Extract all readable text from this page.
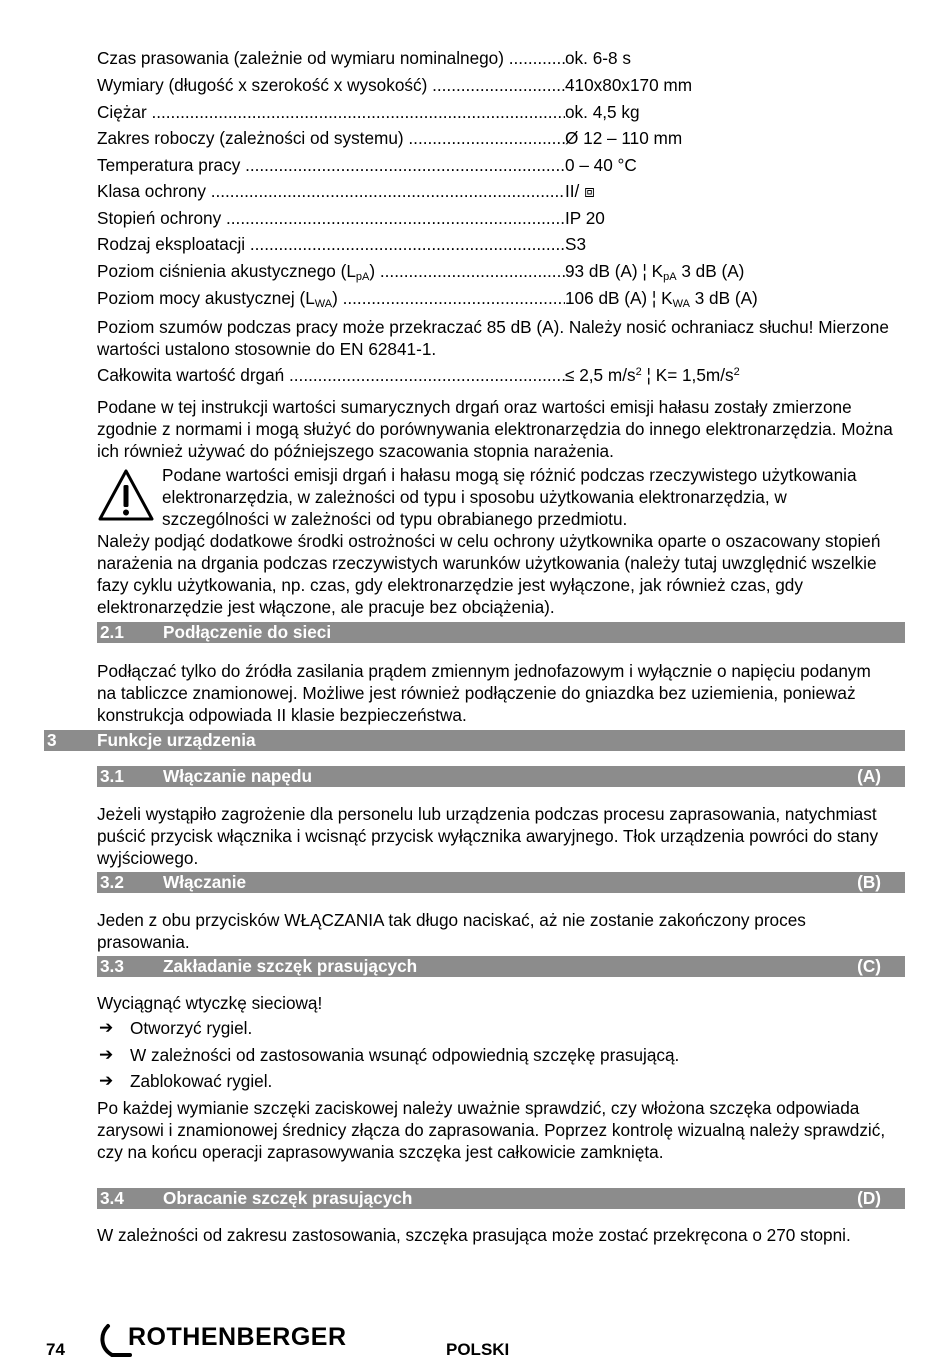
Czas prasowania (zależnie od wymiaru nominalnego) .....	ok. 6-8 s
Wymiary (długość x szerokość x wysokość) .....	410x80x170 mm
Ciężar .....	ok. 4,5 kg
Zakres roboczy (zależności od systemu) .....	Ø 12 – 110 mm
Temperatura pracy .....	0 – 40 °C
Klasa ochrony .....	II/ ⧈
Stopień ochrony .....	IP 20
Rodzaj eksploatacji .....	S3
Poziom ciśnienia akustycznego $(L_{pA})$ .....	93 dB (A) ¦ $K_{pA}$ 3 dB (A)
Poziom mocy akustycznej $(L_{WA})$ .....	106 dB (A) ¦ $K_{WA}$ 3 dB (A)
Poziom szumów podczas pracy może przekraczać 85 dB (A). Należy nosić ochraniacz słuchu! Mierzone wartości ustalono stosownie do EN 62841-1.
Całkowita wartość drgań .....	≤ 2,5 $m/s^2$ ¦ $K= 1,5m/s^2$
Podane w tej instrukcji wartości sumarycznych drgań oraz wartości emisji hałasu zostały zmierzone zgodnie z normami i mogą służyć do porównywania elektronarzędzia do innego elektronarzędzia. Można ich również używać do późniejszego szacowania stopnia narażenia.
Podane wartości emisji drgań i hałasu mogą się różnić podczas rzeczywistego użytkowania elektronarzędzia, w zależności od typu i sposobu użytkowania elektronarzędzia, w szczególności w zależności od typu obrabianego przedmiotu.
Należy podjąć dodatkowe środki ostrożności w celu ochrony użytkownika oparte o oszacowany stopień narażenia na drgania podczas rzeczywistych warunków użytkowania (należy tutaj uwzględnić wszelkie fazy cyklu użytkowania, np. czas, gdy elektronarzędzie jest wyłączone, jak również czas, gdy elektronarzędzie jest włączone, ale pracuje bez obciążenia).
2.1 Podłączenie do sieci
Podłączać tylko do źródła zasilania prądem zmiennym jednofazowym i wyłącznie o napięciu podanym na tabliczce znamionowej. Możliwe jest również podłączenie do gniazdka bez uziemienia, ponieważ konstrukcja odpowiada II klasie bezpieczeństwa.
3 Funkcje urządzenia
3.1 Włączanie napędu	(A)
Jeżeli wystąpiło zagrożenie dla personelu lub urządzenia podczas procesu zaprasowania, natychmiast puścić przycisk włącznika i wcisnąć przycisk wyłącznika awaryjnego. Tłok urządzenia powróci do stany wyjściowego.
3.2 Włączanie	(B)
Jeden z obu przycisków WŁĄCZANIA tak długo naciskać, aż nie zostanie zakończony proces prasowania.
3.3 Zakładanie szczęk prasujących	(C)
Wyciągnąć wtyczkę sieciową!
➔ Otworzyć rygiel.
➔ W zależności od zastosowania wsunąć odpowiednią szczękę prasującą.
➔ Zablokować rygiel.
Po każdej wymianie szczęki zaciskowej należy uważnie sprawdzić, czy włożona szczęka odpowiada zarysowi i znamionowej średnicy złącza do zaprasowania. Poprzez kontrolę wizualną należy sprawdzić, czy na końcu operacji zaprasowywania szczęka jest całkowicie zamknięta.
3.4 Obracanie szczęk prasujących	(D)
W zależności od zakresu zastosowania, szczęka prasująca może zostać przekręcona o 270 stopni.
74	ROTHENBERGER	POLSKI
